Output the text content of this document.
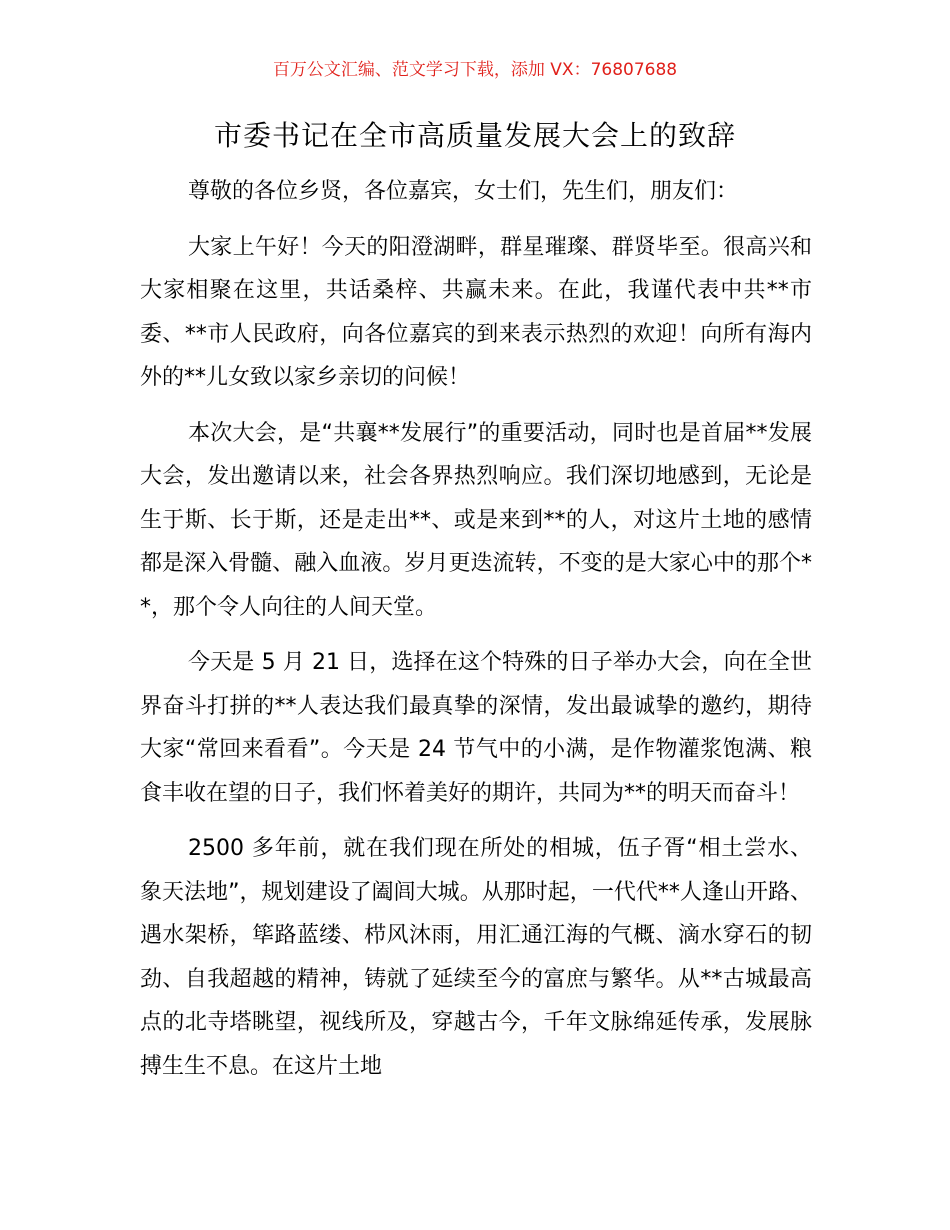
百万公文汇编、范文学习下载，添加 VX：76807688
市委书记在全市高质量发展大会上的致辞

尊敬的各位乡贤，各位嘉宾，女士们，先生们，朋友们：

大家上午好！今天的阳澄湖畔，群星璀璨、群贤毕至。很高兴和大家相聚在这里，共话桑梓、共赢未来。在此，我谨代表中共**市委、**市人民政府，向各位嘉宾的到来表示热烈的欢迎！向所有海内外的**儿女致以家乡亲切的问候！

本次大会，是“共襄**发展行”的重要活动，同时也是首届**发展大会，发出邀请以来，社会各界热烈响应。我们深切地感到，无论是生于斯、长于斯，还是走出**、或是来到**的人，对这片土地的感情都是深入骨髓、融入血液。岁月更迭流转，不变的是大家心中的那个**，那个令人向往的人间天堂。

今天是 5 月 21 日，选择在这个特殊的日子举办大会，向在全世界奋斗打拼的**人表达我们最真挚的深情，发出最诚挚的邀约，期待大家“常回来看看”。今天是 24 节气中的小满，是作物灌浆饱满、粮食丰收在望的日子，我们怀着美好的期许，共同为**的明天而奋斗！

2500 多年前，就在我们现在所处的相城，伍子胥“相土尝水、象天法地”，规划建设了阖闾大城。从那时起，一代代**人逢山开路、遇水架桥，筚路蓝缕、栉风沐雨，用汇通江海的气概、滴水穿石的韧劲、自我超越的精神，铸就了延续至今的富庶与繁华。从**古城最高点的北寺塔眺望，视线所及，穿越古今，千年文脉绵延传承，发展脉搏生生不息。在这片土地
